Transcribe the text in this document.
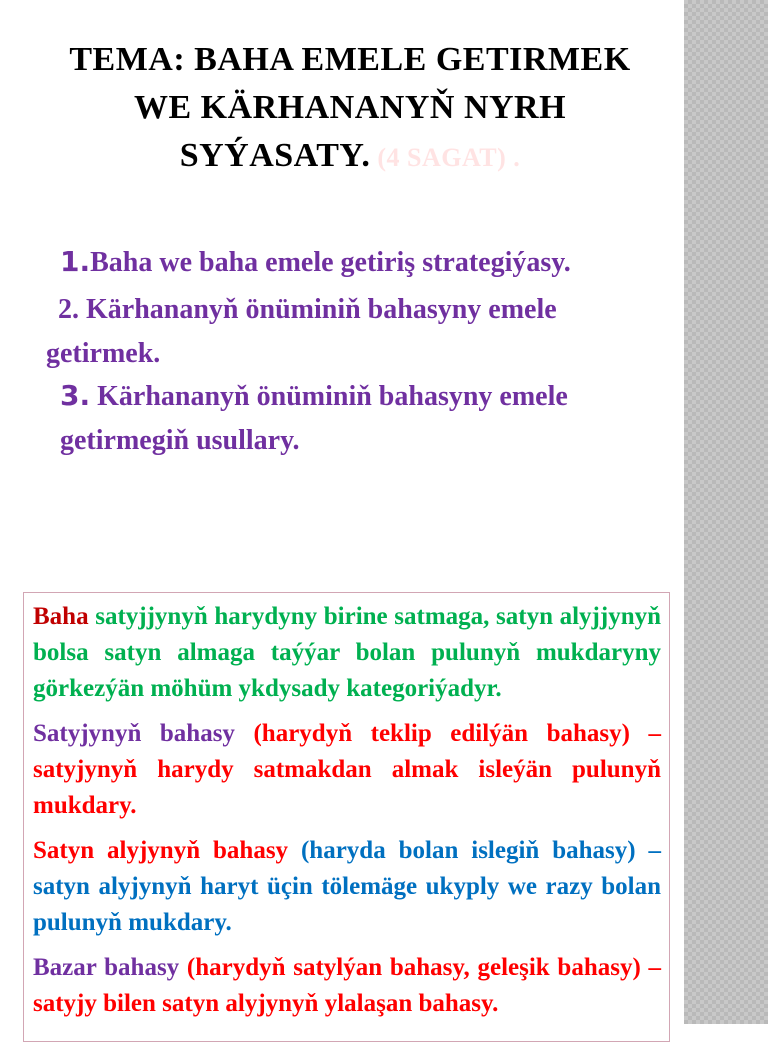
TEMA: BAHA EMELE GETIRMEK
WE KÄRHANANYŇ NYRH
SYÝASATY. (4 SAGAT) .
1.Baha we baha emele getiriş strategiýasy.
2. Kärhananyň önüminiň bahasyny emele
getirmek.
3. Kärhananyň önüminiň bahasyny emele
getirmegiň usullary.

Baha satyjjynyň harydyny birine satmaga, satyn alyjjynyň bolsa satyn almaga taýýar bolan pulunyň mukdaryny görkezýän möhüm ykdysady kategoriýadyr.

Satyjynyň bahasy (harydyň teklip edilýän bahasy) – satyjynyň harydy satmakdan almak isleýän pulunyň mukdary.

Satyn alyjynyň bahasy (haryda bolan islegiň bahasy) – satyn alyjynyň haryt üçin tölemäge ukyply we razy bolan pulunyň mukdary.

Bazar bahasy (harydyň satylýan bahasy, geleşik bahasy) – satyjy bilen satyn alyjynyň ylalaşan bahasy.
